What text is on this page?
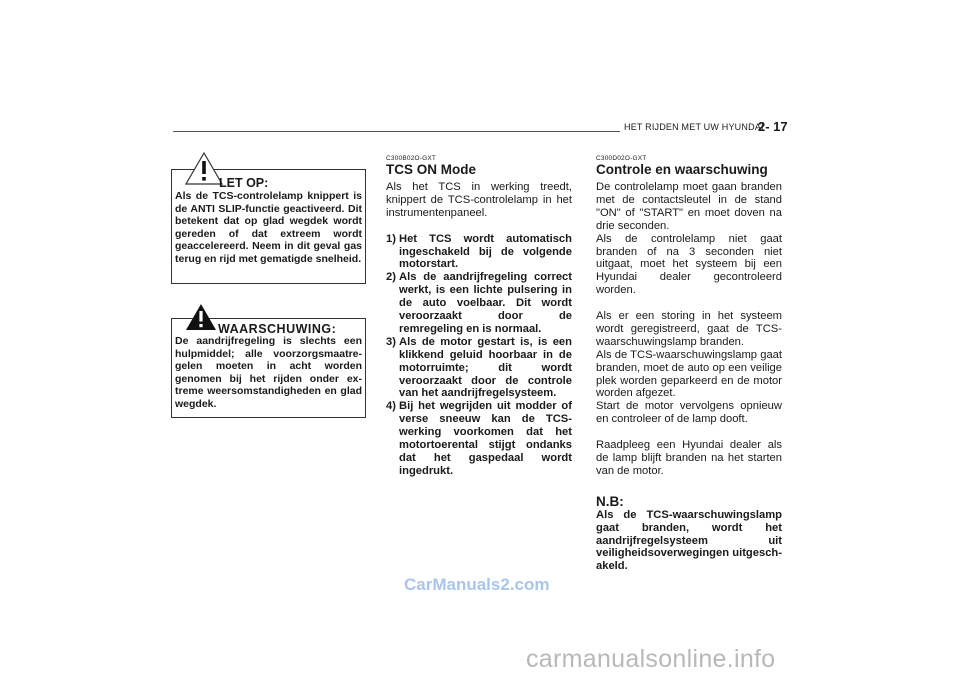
HET RIJDEN MET UW HYUNDAI
2- 17
LET OP:
Als de TCS-controlelamp knippert is de ANTI SLIP-functie geactiveerd. Dit betekent dat op glad wegdek wordt gereden of dat extreem wordt geaccelereerd. Neem in dit geval gas terug en rijd met gematigde snelheid.
WAARSCHUWING:
De aandrijfregeling is slechts een hulpmiddel; alle voorzorgsmaatre-gelen moeten in acht worden genomen bij het rijden onder ex-treme weersomstandigheden en glad wegdek.
C300B02O-GXT
TCS ON Mode
Als het TCS in werking treedt, knippert de TCS-controlelamp in het instrumentenpaneel.
1) Het TCS wordt automatisch ingeschakeld bij de volgende motorstart.
2) Als de aandrijfregeling correct werkt, is een lichte pulsering in de auto voelbaar. Dit wordt veroorzaakt door de remregeling en is normaal.
3) Als de motor gestart is, is een klikkend geluid hoorbaar in de motorruimte; dit wordt veroorzaakt door de controle van het aandrijfregelsysteem.
4) Bij het wegrijden uit modder of verse sneeuw kan de TCS-werking voorkomen dat het motortoerental stijgt ondanks dat het gaspedaal wordt ingedrukt.
C300D02O-GXT
Controle en waarschuwing
De controlelamp moet gaan branden met de contactsleutel in de stand "ON" of "START" en moet doven na drie seconden.
Als de controlelamp niet gaat branden of na 3 seconden niet uitgaat, moet het systeem bij een Hyundai dealer gecontroleerd worden.
Als er een storing in het systeem wordt geregistreerd, gaat de TCS-waarschuwingslamp branden.
Als de TCS-waarschuwingslamp gaat branden, moet de auto op een veilige plek worden geparkeerd en de motor worden afgezet.
Start de motor vervolgens opnieuw en controleer of de lamp dooft.
Raadpleeg een Hyundai dealer als de lamp blijft branden na het starten van de motor.
N.B:
Als de TCS-waarschuwingslamp gaat branden, wordt het aandrijfregelsysteem uit veiligheidsoverwegingen uitgesch-akeld.
CarManuals2.com
carmanualsonline.info
